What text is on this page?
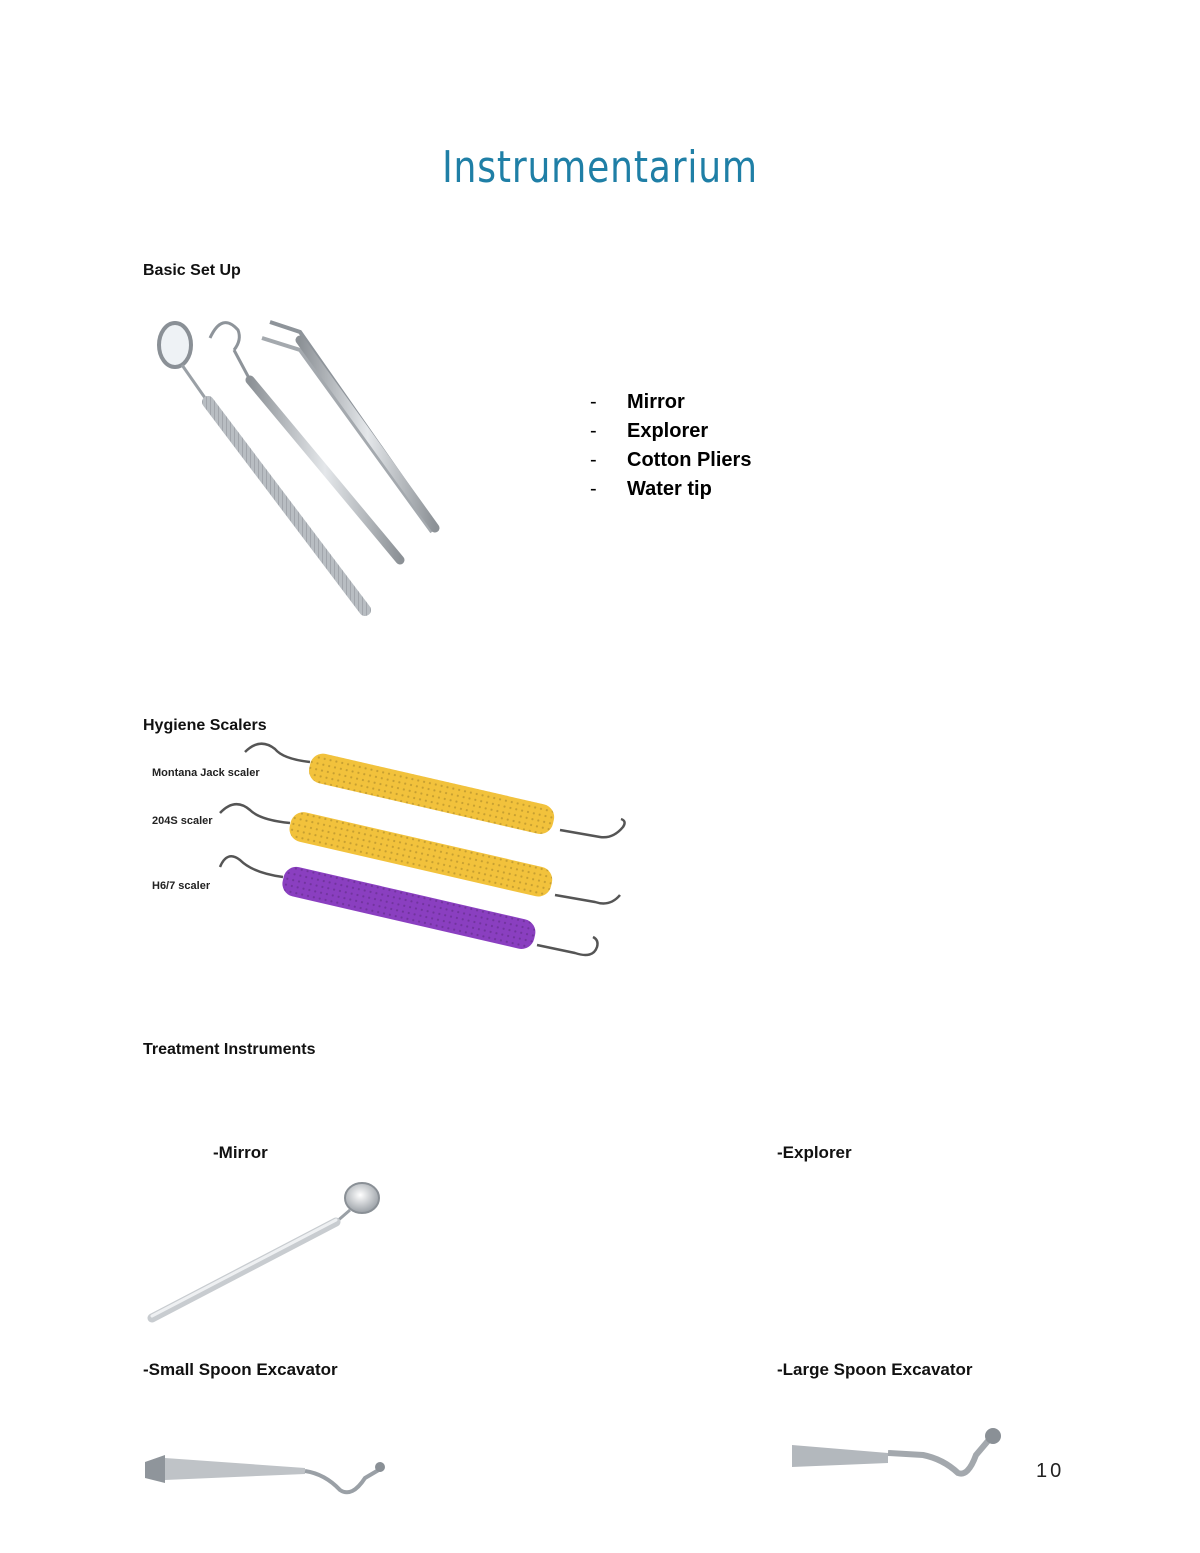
Instrumentarium
Basic Set Up
- Mirror
- Explorer
- Cotton Pliers
- Water tip
Hygiene Scalers
Montana Jack scaler
204S scaler
H6/7 scaler
Treatment Instruments
-Mirror	-Explorer
-Small Spoon Excavator	-Large Spoon Excavator
10
